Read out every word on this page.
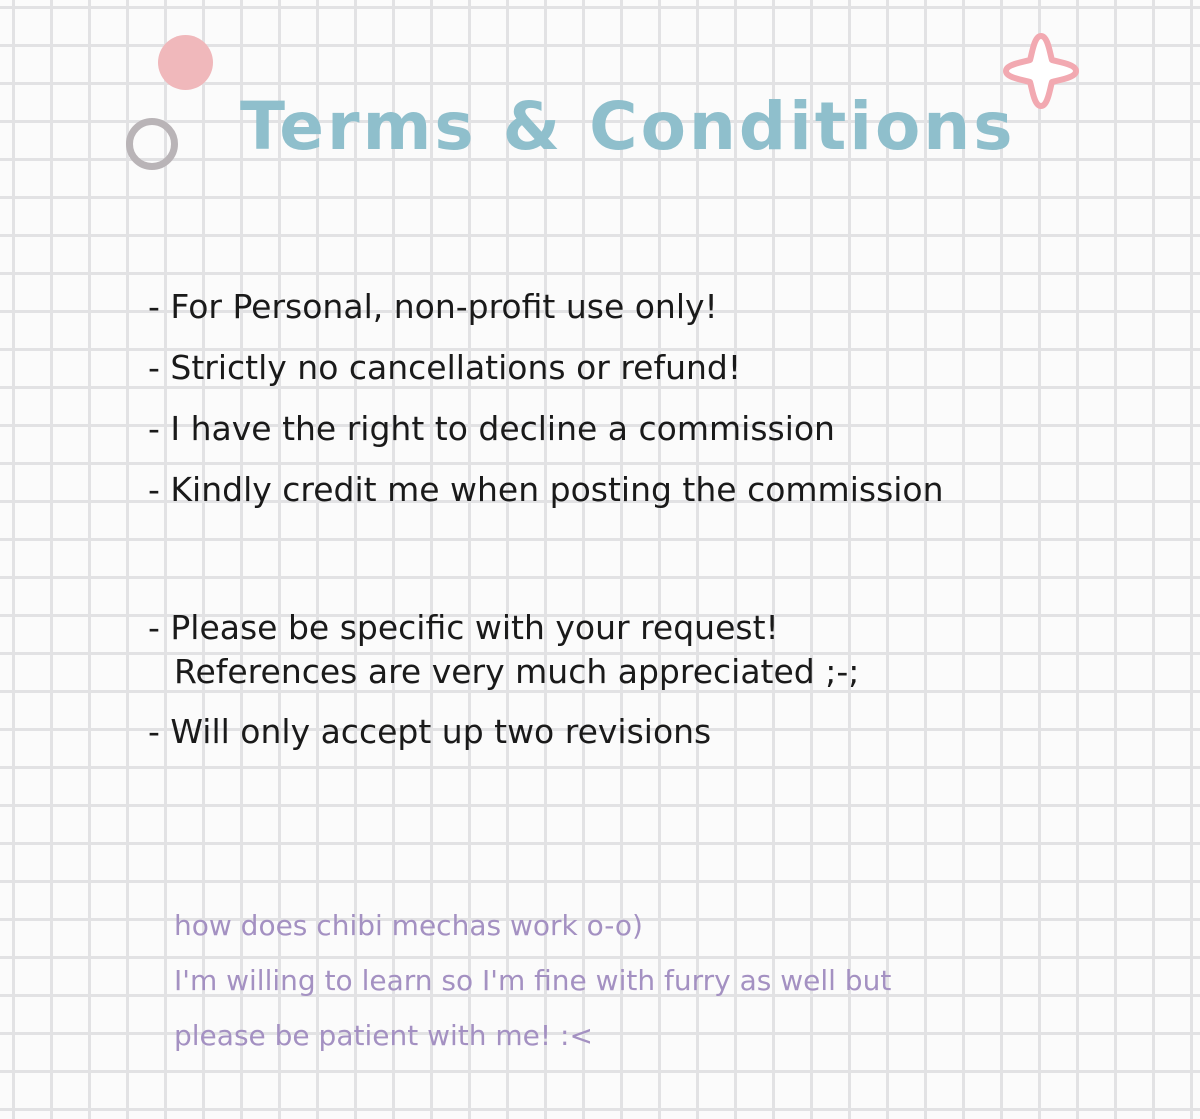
Terms & Conditions
- For Personal, non-profit use only!
- Strictly no cancellations or refund!
- I have the right to decline a commission
- Kindly credit me when posting the commission
- Please be specific with your request!
References are very much appreciated ;-;
- Will only accept up two revisions
how does chibi mechas work o-o)
I'm willing to learn so I'm fine with furry as well but
please be patient with me! :<
